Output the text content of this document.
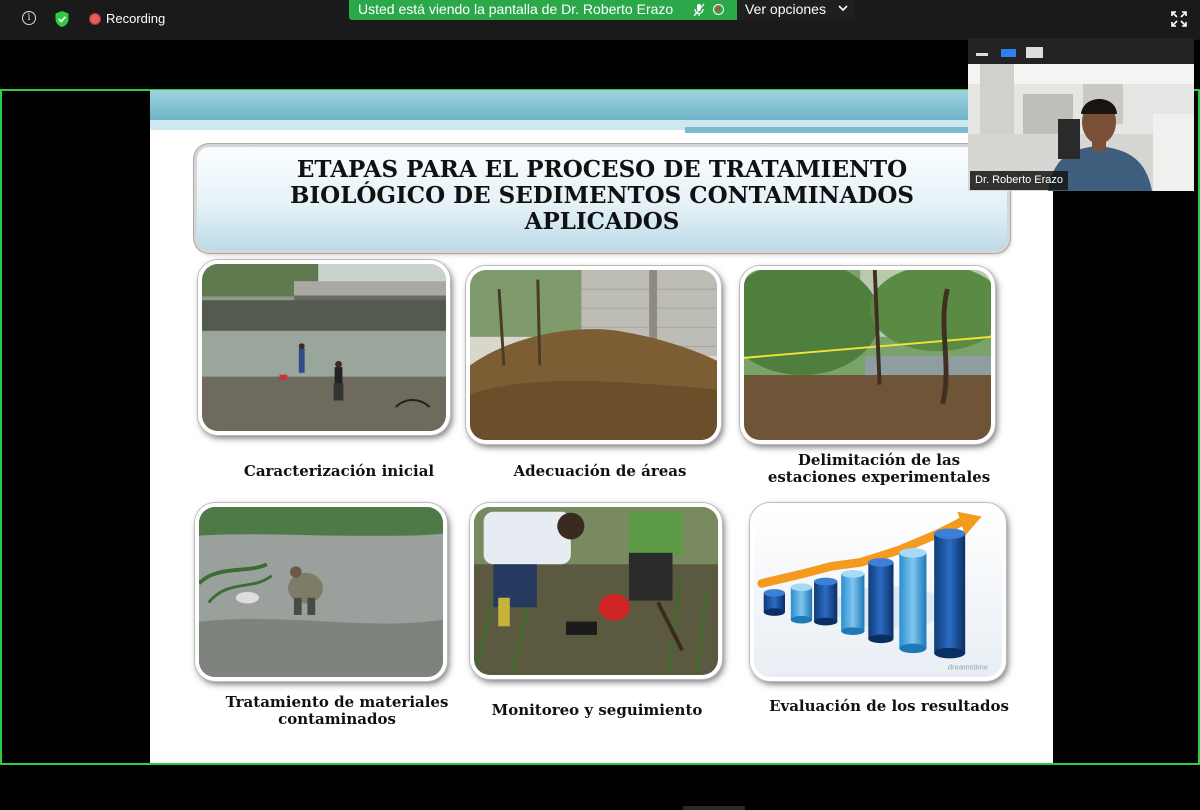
i	Recording
Usted está viendo la pantalla de Dr. Roberto Erazo	Ver opciones
ETAPAS PARA EL PROCESO DE TRATAMIENTO
BIOLÓGICO DE SEDIMENTOS CONTAMINADOS
APLICADOS
Caracterización inicial	Adecuación de áreas
Delimitación de las
estaciones experimentales
dreamstime
Tratamiento de materiales
contaminados	Monitoreo y seguimiento	Evaluación de los resultados
Dr. Roberto Erazo
